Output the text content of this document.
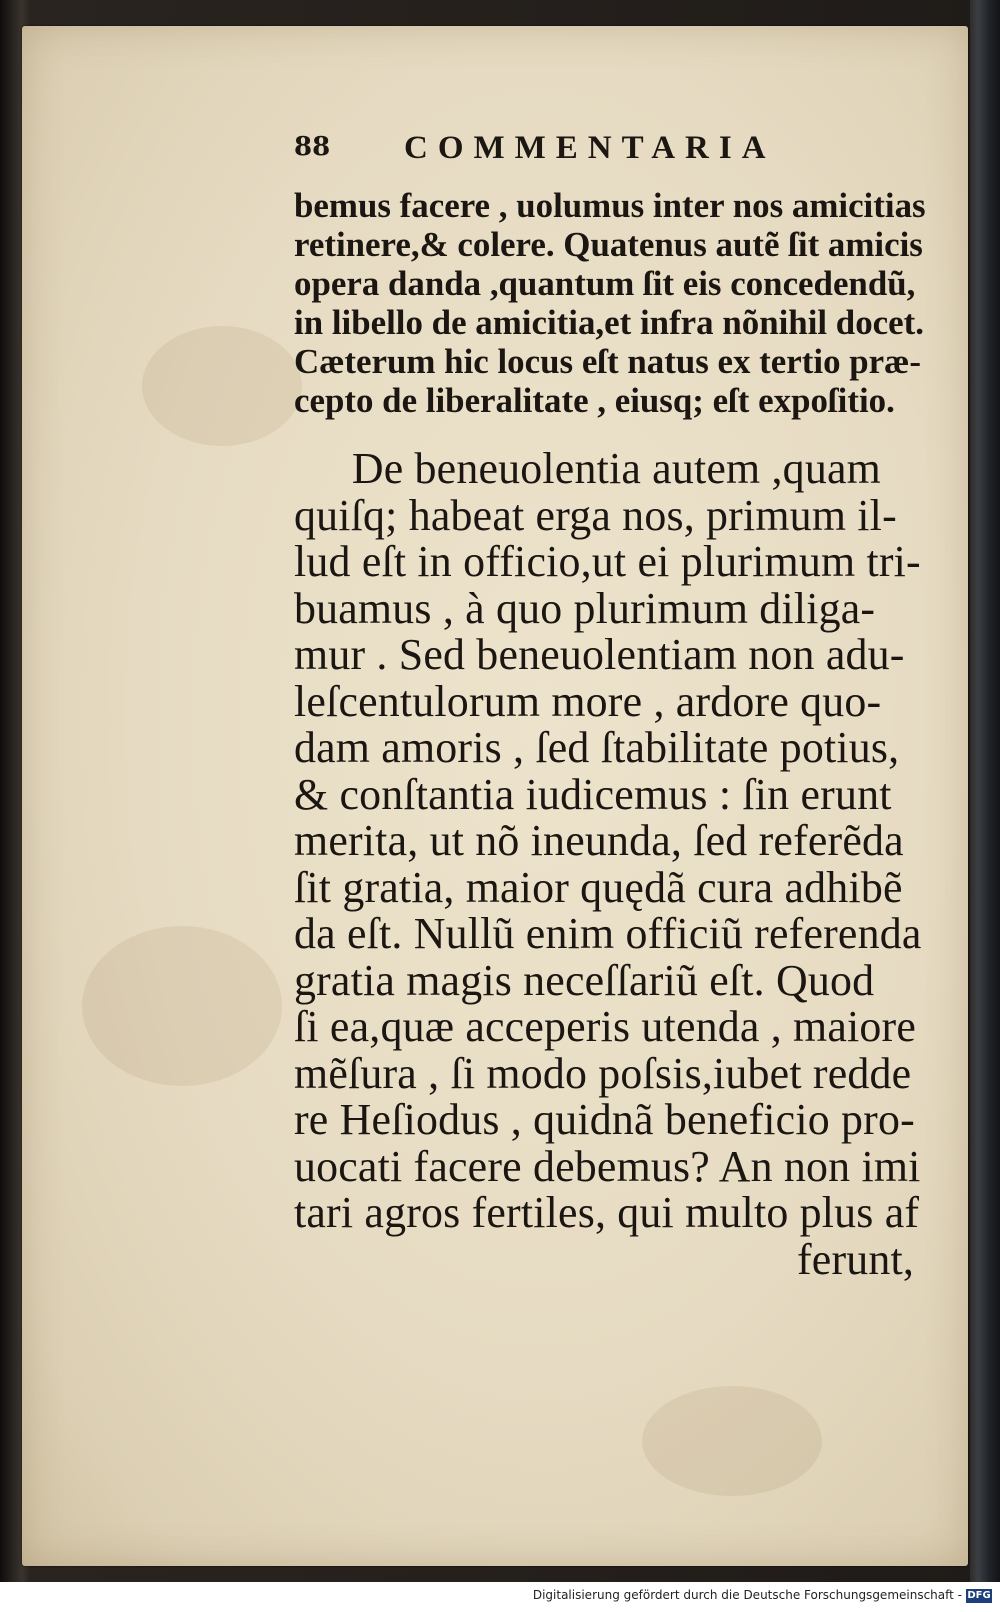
88 COMMENTARIA
bemus facere , uolumus inter nos amicitias
retinere,& colere. Quatenus autẽ ſit amicis
opera danda ,quantum ſit eis concedendũ,
in libello de amicitia,et infra nõnihil docet.
Cæterum hic locus eſt natus ex tertio præ-
cepto de liberalitate , eiusq; eſt expoſitio.
De beneuolentia autem ,quam
quiſq; habeat erga nos, primum il-
lud eſt in officio,ut ei plurimum tri-
buamus , à quo plurimum diliga-
mur . Sed beneuolentiam non adu-
leſcentulorum more , ardore quo-
dam amoris , ſed ſtabilitate potius,
& conſtantia iudicemus : ſin erunt
merita, ut nõ ineunda, ſed referẽda
ſit gratia, maior quędã cura adhibẽ
da eſt. Nullũ enim officiũ referenda
gratia magis neceſſariũ eſt. Quod
ſi ea,quæ acceperis utenda , maiore
mẽſura , ſi modo poſsis,iubet redde
re Heſiodus , quidnã beneficio pro-
uocati facere debemus? An non imi
tari agros fertiles, qui multo plus af
ferunt,
Digitalisierung gefördert durch die Deutsche Forschungsgemeinschaft - DFG
